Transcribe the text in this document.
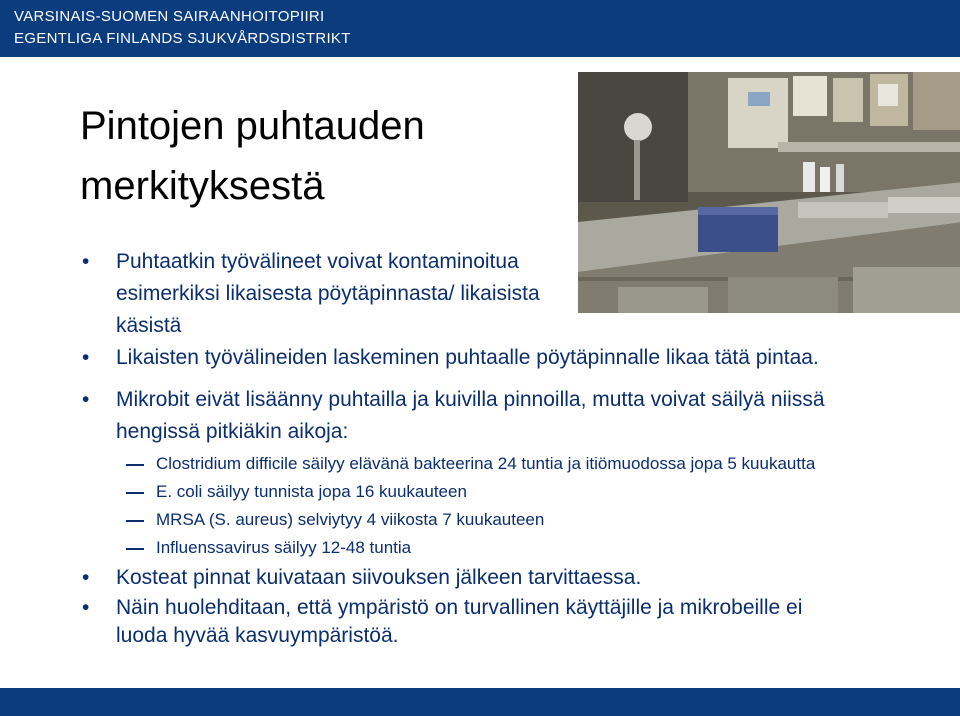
VARSINAIS-SUOMEN SAIRAANHOITOPIIRI
EGENTLIGA FINLANDS SJUKVÅRDSDISTRIKT
Pintojen puhtauden
merkityksestä
• Puhtaatkin työvälineet voivat kontaminoitua esimerkiksi likaisesta pöytäpinnasta/ likaisista käsistä
• Likaisten työvälineiden laskeminen puhtaalle pöytäpinnalle likaa tätä pintaa.
• Mikrobit eivät lisäänny puhtailla ja kuivilla pinnoilla, mutta voivat säilyä niissä hengissä pitkiäkin aikoja:
Clostridium difficile säilyy elävänä bakteerina 24 tuntia ja itiömuodossa jopa 5 kuukautta
E. coli säilyy tunnista jopa 16 kuukauteen
MRSA (S. aureus) selviytyy 4 viikosta 7 kuukauteen
Influenssavirus säilyy 12-48 tuntia
• Kosteat pinnat kuivataan siivouksen jälkeen tarvittaessa.
• Näin huolehditaan, että ympäristö on turvallinen käyttäjille ja mikrobeille ei luoda hyvää kasvuympäristöä.
